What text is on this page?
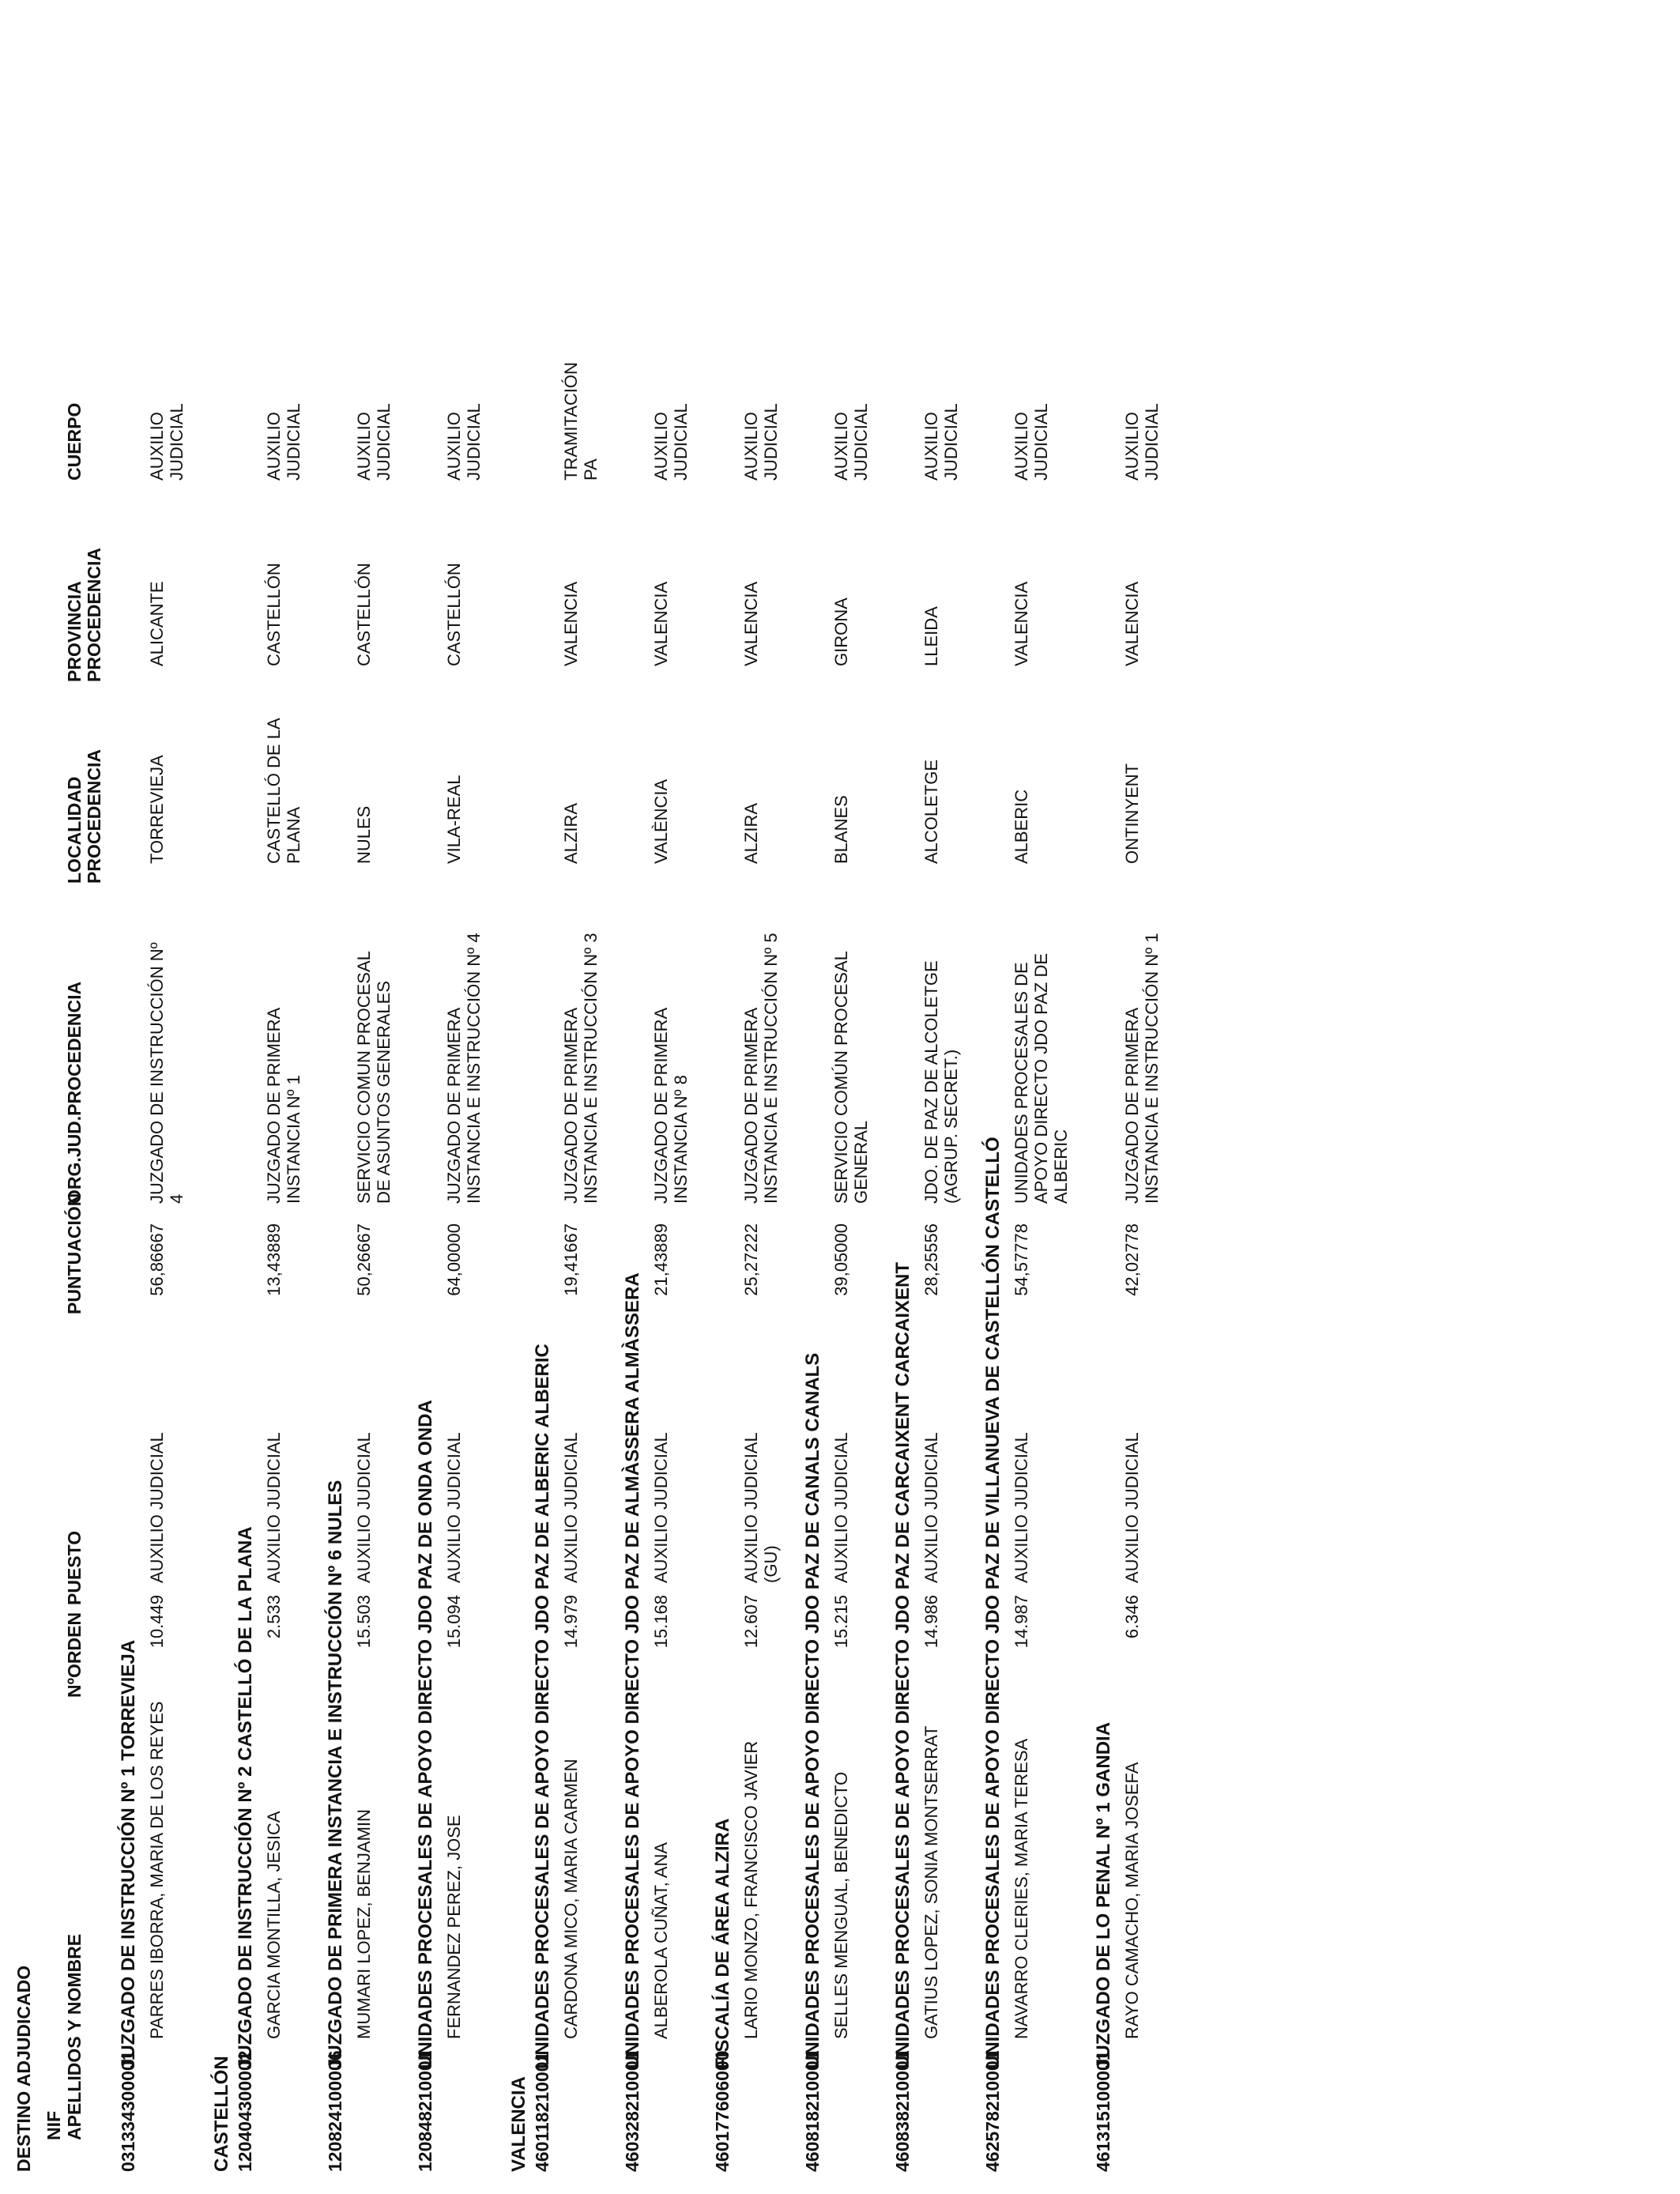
DESTINO ADJUDICADO NIF APELLIDOS Y NOMBRE
NºORDEN
PUESTO
PUNTUACIÓN
ORG.JUD.PROCEDENCIA
LOCALIDAD
PROCEDENCIA
PROVINCIA
PROCEDENCIA
CUERPO
031334300001
JUZGADO DE INSTRUCCIÓN Nº 1 TORREVIEJA PARRES IBORRA, MARIA DE LOS REYES
10.449
AUXILIO JUDICIAL
56,86667
JUZGADO DE INSTRUCCIÓN Nº
4
TORREVIEJA
ALICANTE
AUXILIO
JUDICIAL
CASTELLÓN 120404300002
JUZGADO DE INSTRUCCIÓN Nº 2 CASTELLÓ DE LA PLANA GARCIA MONTILLA, JESICA
2.533
AUXILIO JUDICIAL
13,43889
JUZGADO DE PRIMERA
INSTANCIA Nº 1
CASTELLÓ DE LA
PLANA
CASTELLÓN
AUXILIO
JUDICIAL
120824100006
JUZGADO DE PRIMERA INSTANCIA E INSTRUCCIÓN Nº 6 NULES MUMARI LOPEZ, BENJAMIN
15.503
AUXILIO JUDICIAL
50,26667
SERVICIO COMUN PROCESAL
DE ASUNTOS GENERALES
NULES
CASTELLÓN
AUXILIO
JUDICIAL
120848210001
UNIDADES PROCESALES DE APOYO DIRECTO JDO PAZ DE ONDA ONDA FERNANDEZ PEREZ, JOSE
15.094
AUXILIO JUDICIAL
64,00000
JUZGADO DE PRIMERA
INSTANCIA E INSTRUCCIÓN Nº 4
VILA-REAL
CASTELLÓN
AUXILIO
JUDICIAL
VALENCIA 460118210001
UNIDADES PROCESALES DE APOYO DIRECTO JDO PAZ DE ALBERIC ALBERIC CARDONA MICO, MARIA CARMEN
14.979
AUXILIO JUDICIAL
19,41667
JUZGADO DE PRIMERA
INSTANCIA E INSTRUCCIÓN Nº 3
ALZIRA
VALENCIA
TRAMITACIÓN
PA
460328210001
UNIDADES PROCESALES DE APOYO DIRECTO JDO PAZ DE ALMÀSSERA ALMÀSSERA ALBEROLA CUÑAT, ANA
15.168
AUXILIO JUDICIAL
21,43889
JUZGADO DE PRIMERA
INSTANCIA Nº 8
VALÈNCIA
VALENCIA
AUXILIO
JUDICIAL
460177606000
FISCALÍA DE ÁREA ALZIRA LARIO MONZO, FRANCISCO JAVIER
12.607
AUXILIO JUDICIAL
(GU)
25,27222
JUZGADO DE PRIMERA
INSTANCIA E INSTRUCCIÓN Nº 5
ALZIRA
VALENCIA
AUXILIO
JUDICIAL
460818210001
UNIDADES PROCESALES DE APOYO DIRECTO JDO PAZ DE CANALS CANALS SELLES MENGUAL, BENEDICTO
15.215
AUXILIO JUDICIAL
39,05000
SERVICIO COMÚN PROCESAL
GENERAL
BLANES
GIRONA
AUXILIO
JUDICIAL
460838210001
UNIDADES PROCESALES DE APOYO DIRECTO JDO PAZ DE CARCAIXENT CARCAIXENT GATIUS LOPEZ, SONIA MONTSERRAT
14.986
AUXILIO JUDICIAL
28,25556
JDO. DE PAZ DE ALCOLETGE
(AGRUP. SECRET.)
ALCOLETGE
LLEIDA
AUXILIO
JUDICIAL
462578210001
UNIDADES PROCESALES DE APOYO DIRECTO JDO PAZ DE VILLANUEVA DE CASTELLÓN CASTELLÓ NAVARRO CLERIES, MARIA TERESA
14.987
AUXILIO JUDICIAL
54,57778
UNIDADES PROCESALES DE
APOYO DIRECTO JDO PAZ DE
ALBERIC
ALBERIC
VALENCIA
AUXILIO
JUDICIAL
461315100001
JUZGADO DE LO PENAL Nº 1 GANDIA RAYO CAMACHO, MARIA JOSEFA
6.346
AUXILIO JUDICIAL
42,02778
JUZGADO DE PRIMERA
INSTANCIA E INSTRUCCIÓN Nº 1
ONTINYENT
VALENCIA
AUXILIO
JUDICIAL
